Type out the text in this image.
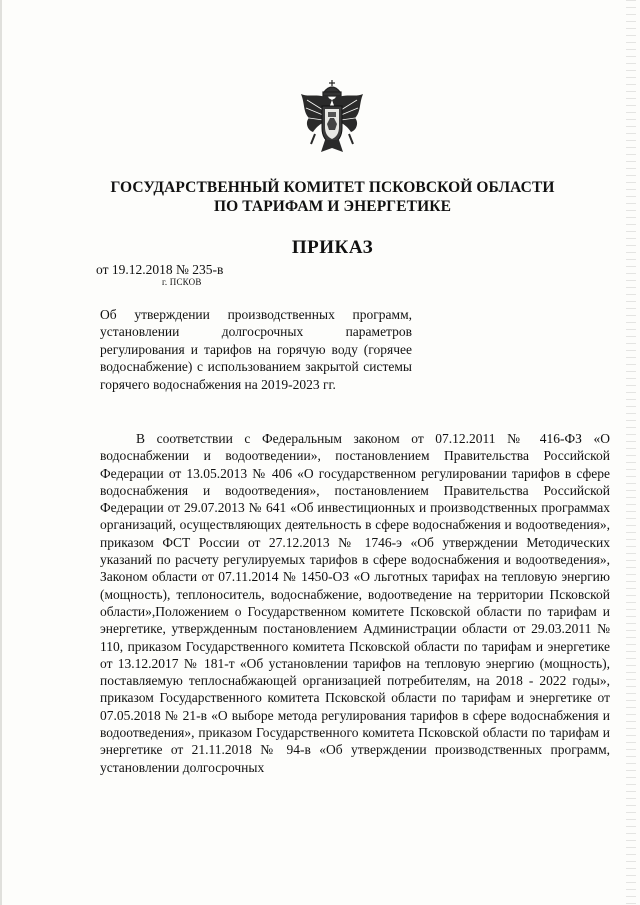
ГОСУДАРСТВЕННЫЙ КОМИТЕТ ПСКОВСКОЙ ОБЛАСТИ
ПО ТАРИФАМ И ЭНЕРГЕТИКЕ
ПРИКАЗ
от 19.12.2018 № 235-в
г. ПСКОВ

Об утверждении производственных программ, установлении долгосрочных параметров регулирования и тарифов на горячую воду (горячее водоснабжение) с использованием закрытой системы горячего водоснабжения на 2019-2023 гг.

В соответствии с Федеральным законом от 07.12.2011 № 416-ФЗ «О водоснабжении и водоотведении», постановлением Правительства Российской Федерации от 13.05.2013 № 406 «О государственном регулировании тарифов в сфере водоснабжения и водоотведения», постановлением Правительства Российской Федерации от 29.07.2013 № 641 «Об инвестиционных и производственных программах организаций, осуществляющих деятельность в сфере водоснабжения и водоотведения», приказом ФСТ России от 27.12.2013 № 1746-э «Об утверждении Методических указаний по расчету регулируемых тарифов в сфере водоснабжения и водоотведения», Законом области от 07.11.2014 № 1450-ОЗ «О льготных тарифах на тепловую энергию (мощность), теплоноситель, водоснабжение, водоотведение на территории Псковской области»,Положением о Государственном комитете Псковской области по тарифам и энергетике, утвержденным постановлением Администрации области от 29.03.2011 № 110, приказом Государственного комитета Псковской области по тарифам и энергетике от 13.12.2017 № 181-т «Об установлении тарифов на тепловую энергию (мощность), поставляемую теплоснабжающей организацией потребителям, на 2018 - 2022 годы», приказом Государственного комитета Псковской области по тарифам и энергетике от 07.05.2018 № 21-в «О выборе метода регулирования тарифов в сфере водоснабжения и водоотведения», приказом Государственного комитета Псковской области по тарифам и энергетике от 21.11.2018 № 94-в «Об утверждении производственных программ, установлении долгосрочных
